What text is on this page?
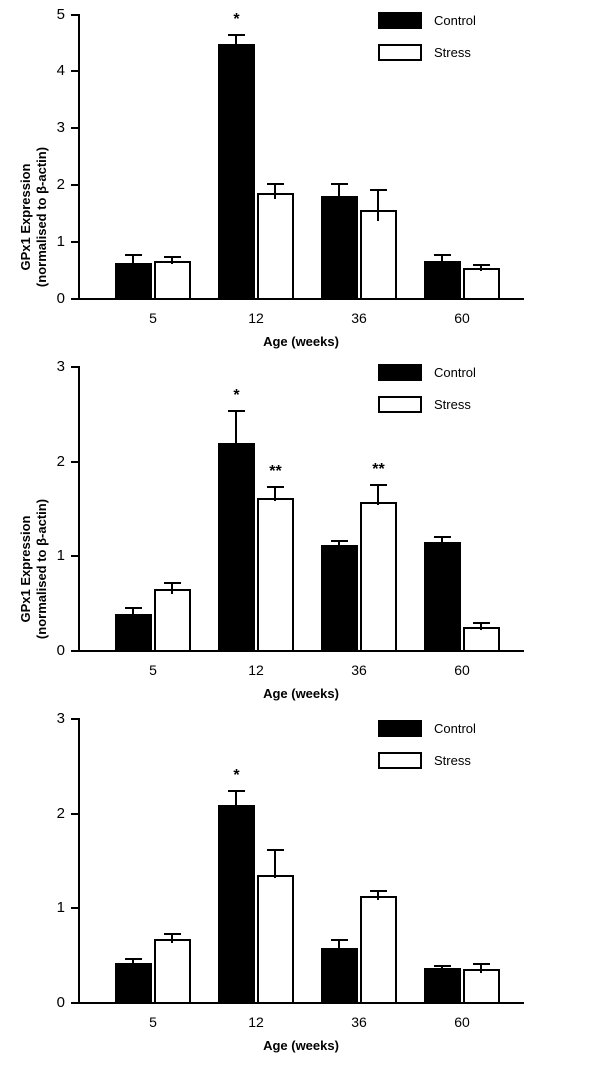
0
1
2
3
4
5	*
5	12	36	60
Age (weeks)
Control
Stress
GPx1 Expression (normalised to β-actin)
0
1
2
3
*
**	**
5	12	36	60
Age (weeks)
Control
Stress
GPx1 Expression (normalised to β-actin)
0
1
2
3
*
5	12	36	60
Age (weeks)
Control
Stress
